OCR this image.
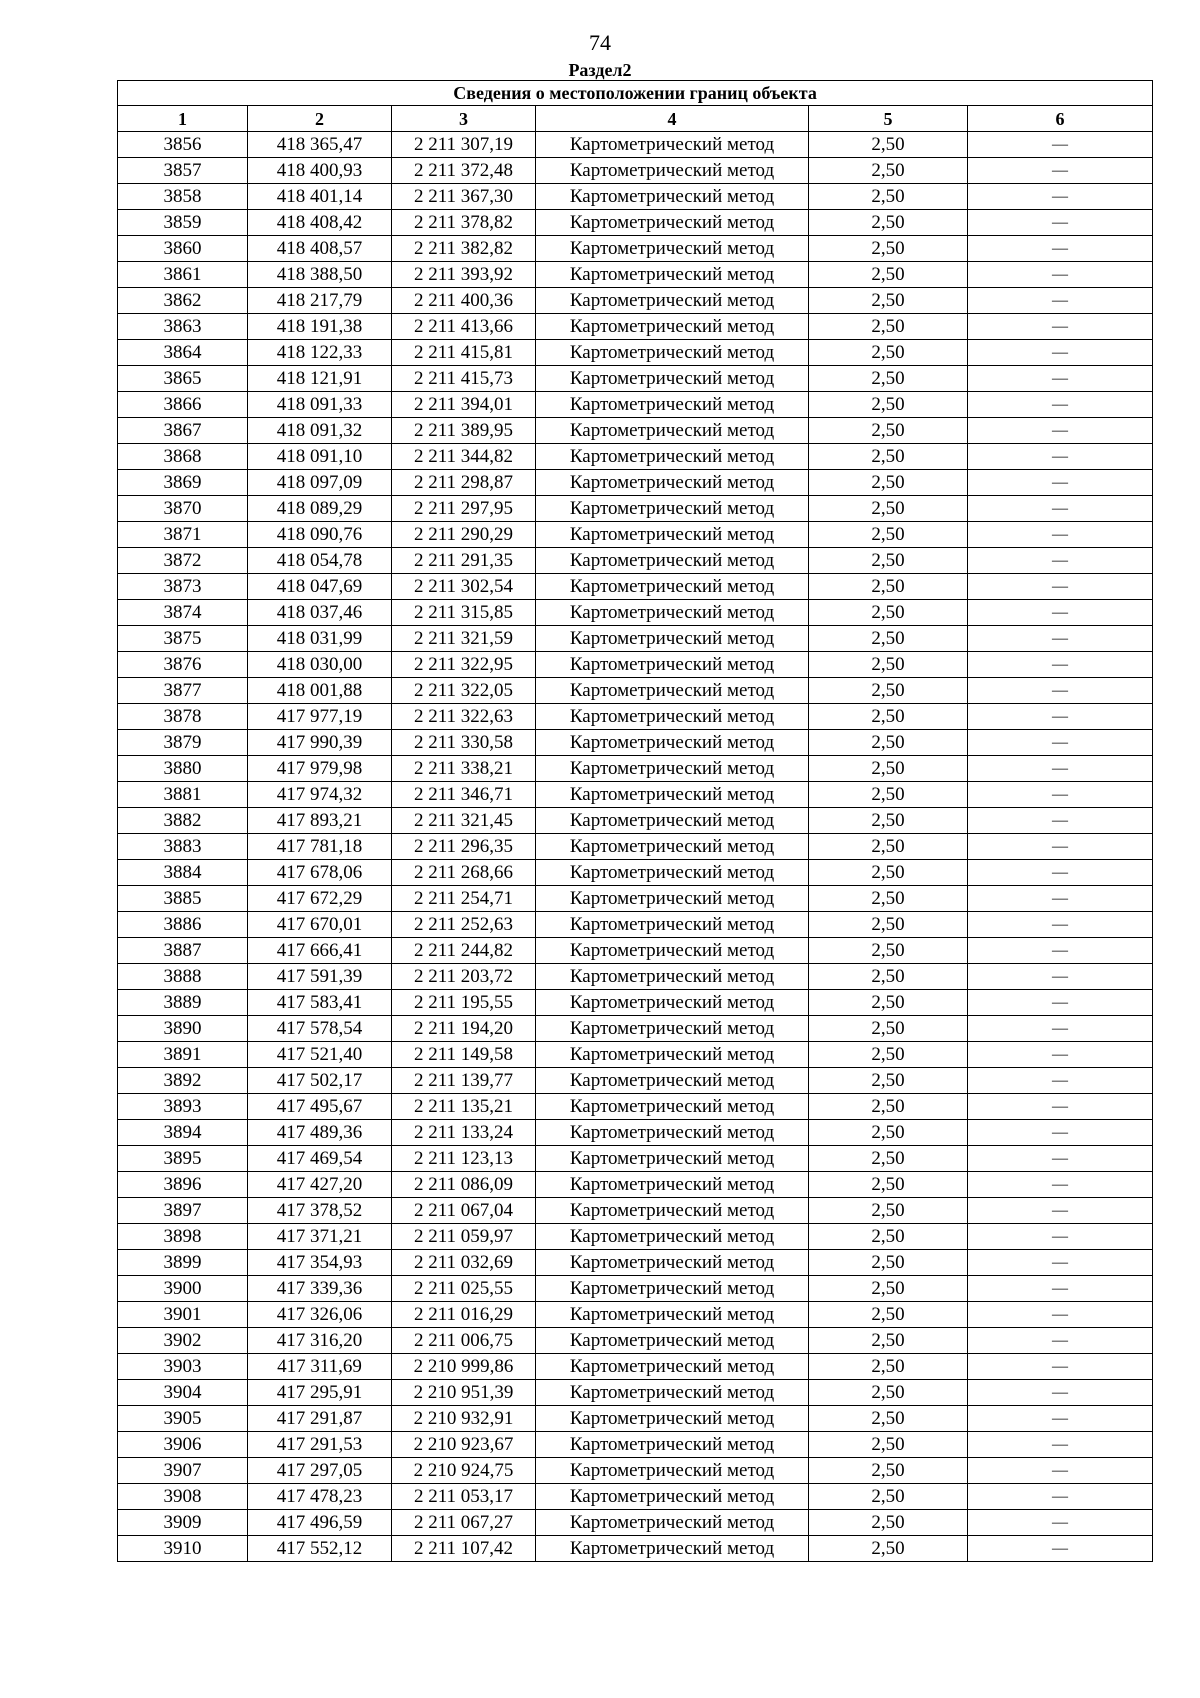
74
Раздел2
Сведения о местоположении границ объекта					
1	2	3	4	5	6
3856	418 365,47	2 211 307,19	Картометрический метод	2,50	—
3857	418 400,93	2 211 372,48	Картометрический метод	2,50	—
3858	418 401,14	2 211 367,30	Картометрический метод	2,50	—
3859	418 408,42	2 211 378,82	Картометрический метод	2,50	—
3860	418 408,57	2 211 382,82	Картометрический метод	2,50	—
3861	418 388,50	2 211 393,92	Картометрический метод	2,50	—
3862	418 217,79	2 211 400,36	Картометрический метод	2,50	—
3863	418 191,38	2 211 413,66	Картометрический метод	2,50	—
3864	418 122,33	2 211 415,81	Картометрический метод	2,50	—
3865	418 121,91	2 211 415,73	Картометрический метод	2,50	—
3866	418 091,33	2 211 394,01	Картометрический метод	2,50	—
3867	418 091,32	2 211 389,95	Картометрический метод	2,50	—
3868	418 091,10	2 211 344,82	Картометрический метод	2,50	—
3869	418 097,09	2 211 298,87	Картометрический метод	2,50	—
3870	418 089,29	2 211 297,95	Картометрический метод	2,50	—
3871	418 090,76	2 211 290,29	Картометрический метод	2,50	—
3872	418 054,78	2 211 291,35	Картометрический метод	2,50	—
3873	418 047,69	2 211 302,54	Картометрический метод	2,50	—
3874	418 037,46	2 211 315,85	Картометрический метод	2,50	—
3875	418 031,99	2 211 321,59	Картометрический метод	2,50	—
3876	418 030,00	2 211 322,95	Картометрический метод	2,50	—
3877	418 001,88	2 211 322,05	Картометрический метод	2,50	—
3878	417 977,19	2 211 322,63	Картометрический метод	2,50	—
3879	417 990,39	2 211 330,58	Картометрический метод	2,50	—
3880	417 979,98	2 211 338,21	Картометрический метод	2,50	—
3881	417 974,32	2 211 346,71	Картометрический метод	2,50	—
3882	417 893,21	2 211 321,45	Картометрический метод	2,50	—
3883	417 781,18	2 211 296,35	Картометрический метод	2,50	—
3884	417 678,06	2 211 268,66	Картометрический метод	2,50	—
3885	417 672,29	2 211 254,71	Картометрический метод	2,50	—
3886	417 670,01	2 211 252,63	Картометрический метод	2,50	—
3887	417 666,41	2 211 244,82	Картометрический метод	2,50	—
3888	417 591,39	2 211 203,72	Картометрический метод	2,50	—
3889	417 583,41	2 211 195,55	Картометрический метод	2,50	—
3890	417 578,54	2 211 194,20	Картометрический метод	2,50	—
3891	417 521,40	2 211 149,58	Картометрический метод	2,50	—
3892	417 502,17	2 211 139,77	Картометрический метод	2,50	—
3893	417 495,67	2 211 135,21	Картометрический метод	2,50	—
3894	417 489,36	2 211 133,24	Картометрический метод	2,50	—
3895	417 469,54	2 211 123,13	Картометрический метод	2,50	—
3896	417 427,20	2 211 086,09	Картометрический метод	2,50	—
3897	417 378,52	2 211 067,04	Картометрический метод	2,50	—
3898	417 371,21	2 211 059,97	Картометрический метод	2,50	—
3899	417 354,93	2 211 032,69	Картометрический метод	2,50	—
3900	417 339,36	2 211 025,55	Картометрический метод	2,50	—
3901	417 326,06	2 211 016,29	Картометрический метод	2,50	—
3902	417 316,20	2 211 006,75	Картометрический метод	2,50	—
3903	417 311,69	2 210 999,86	Картометрический метод	2,50	—
3904	417 295,91	2 210 951,39	Картометрический метод	2,50	—
3905	417 291,87	2 210 932,91	Картометрический метод	2,50	—
3906	417 291,53	2 210 923,67	Картометрический метод	2,50	—
3907	417 297,05	2 210 924,75	Картометрический метод	2,50	—
3908	417 478,23	2 211 053,17	Картометрический метод	2,50	—
3909	417 496,59	2 211 067,27	Картометрический метод	2,50	—
3910	417 552,12	2 211 107,42	Картометрический метод	2,50	—
